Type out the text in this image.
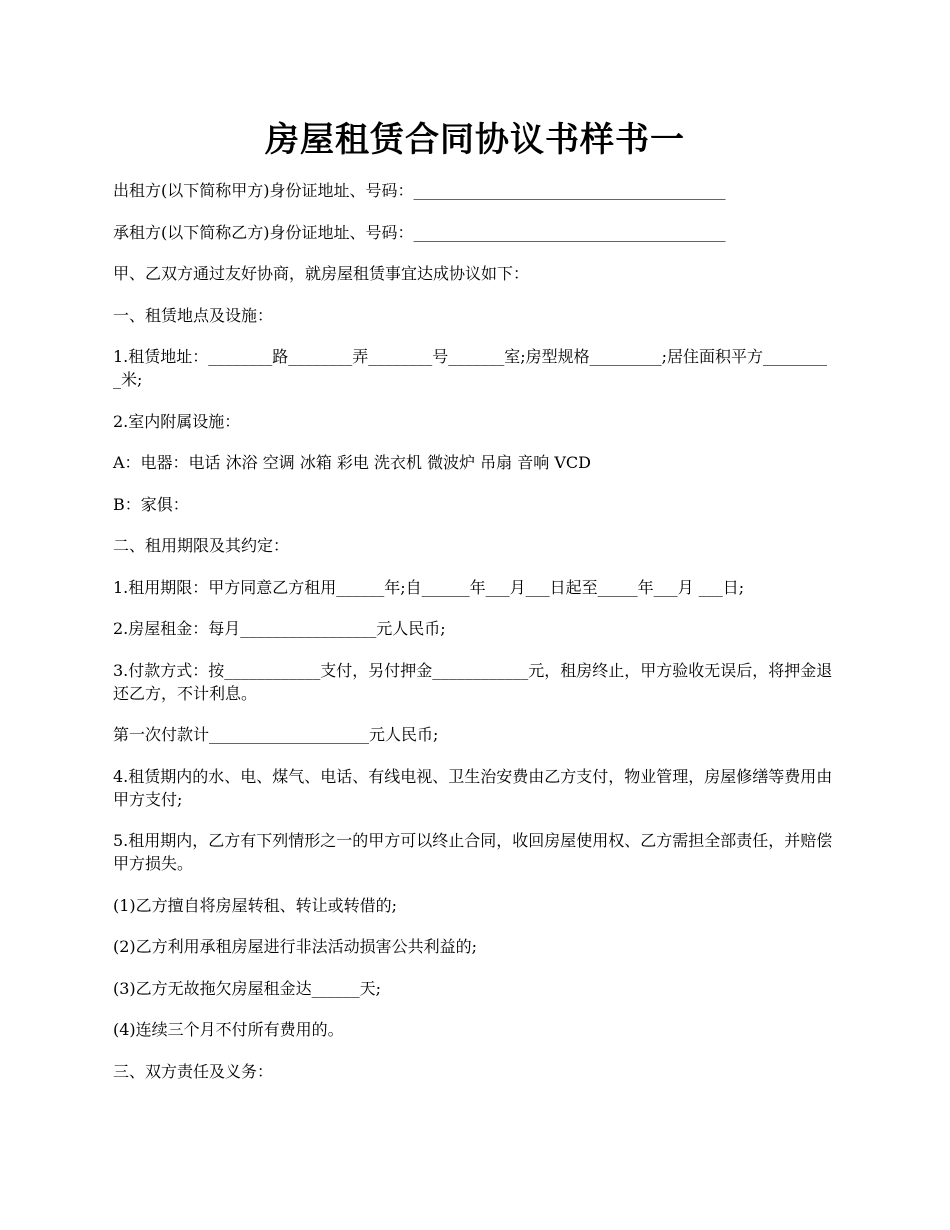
房屋租赁合同协议书样书一

出租方(以下简称甲方)身份证地址、号码：_______________________________________

承租方(以下简称乙方)身份证地址、号码：_______________________________________

甲、乙双方通过友好协商，就房屋租赁事宜达成协议如下：

一、租赁地点及设施：

1.租赁地址：________路________弄________号_______室;房型规格_________;居住面积平方_________米;

2.室内附属设施：

A：电器：电话 沐浴 空调 冰箱 彩电 洗衣机 微波炉 吊扇 音响 VCD

B：家俱：

二、租用期限及其约定：

1.租用期限：甲方同意乙方租用______年;自______年___月___日起至_____年___月 ___日;

2.房屋租金：每月_________________元人民币;

3.付款方式：按____________支付，另付押金____________元，租房终止，甲方验收无误后，将押金退还乙方，不计利息。

第一次付款计____________________元人民币;

4.租赁期内的水、电、煤气、电话、有线电视、卫生治安费由乙方支付，物业管理，房屋修缮等费用由甲方支付;

5.租用期内，乙方有下列情形之一的甲方可以终止合同，收回房屋使用权、乙方需担全部责任，并赔偿甲方损失。

(1)乙方擅自将房屋转租、转让或转借的;

(2)乙方利用承租房屋进行非法活动损害公共利益的;

(3)乙方无故拖欠房屋租金达______天;

(4)连续三个月不付所有费用的。

三、双方责任及义务：
